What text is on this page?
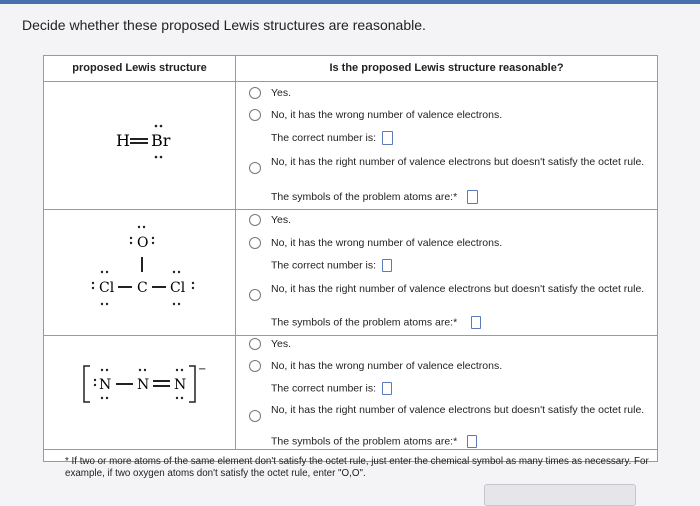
Decide whether these proposed Lewis structures are reasonable.
proposed Lewis structure	Is the proposed Lewis structure reasonable?
H Br
Yes.
No, it has the wrong number of valence electrons.
The correct number is:
No, it has the right number of valence electrons but doesn't satisfy the octet rule.
The symbols of the problem atoms are:*
O
Cl C Cl
Yes.
No, it has the wrong number of valence electrons.
The correct number is:
No, it has the right number of valence electrons but doesn't satisfy the octet rule.
The symbols of the problem atoms are:*
N N N
−
Yes.
No, it has the wrong number of valence electrons.
The correct number is:
No, it has the right number of valence electrons but doesn't satisfy the octet rule.
The symbols of the problem atoms are:*
* If two or more atoms of the same element don't satisfy the octet rule, just enter the chemical symbol as many times as necessary. For example, if two oxygen atoms don't satisfy the octet rule, enter "O,O".
